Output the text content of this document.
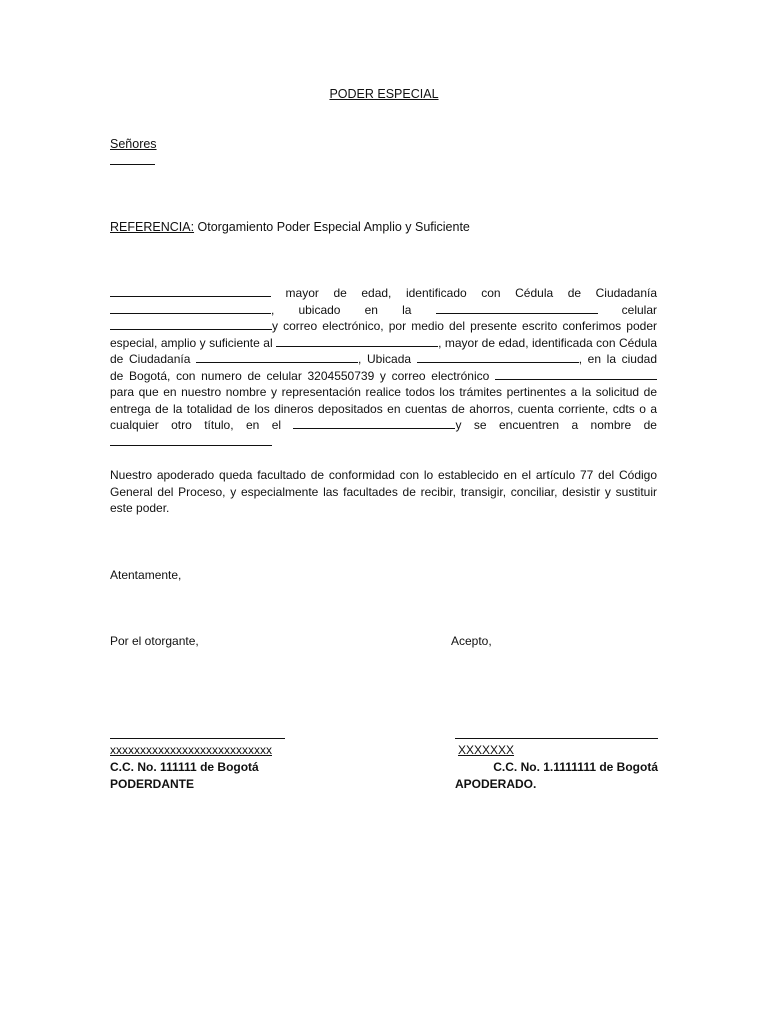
PODER ESPECIAL
Señores
REFERENCIA: Otorgamiento Poder Especial Amplio y Suficiente
mayor de edad, identificado con Cédula de Ciudadanía , ubicado en la	celular y correo electrónico, por medio del presente escrito conferimos poder especial, amplio y suficiente al	, mayor de edad, identificada con Cédula de Ciudadanía	, Ubicada	, en la ciudad de Bogotá, con numero de celular 3204550739 y correo electrónico para que en nuestro nombre y representación realice todos los trámites pertinentes a la solicitud de entrega de la totalidad de los dineros depositados en cuentas de ahorros, cuenta corriente, cdts o a cualquier otro título, en el	y se encuentren a nombre de
Nuestro apoderado queda facultado de conformidad con lo establecido en el artículo 77 del Código General del Proceso, y especialmente las facultades de recibir, transigir, conciliar, desistir y sustituir este poder.
Atentamente,
Por el otorgante,	Acepto,
xxxxxxxxxxxxxxxxxxxxxxxxxxx
C.C. No. 111111 de Bogotá
PODERDANTE
XXXXXXX
C.C. No. 1.1111111 de Bogotá
APODERADO.
